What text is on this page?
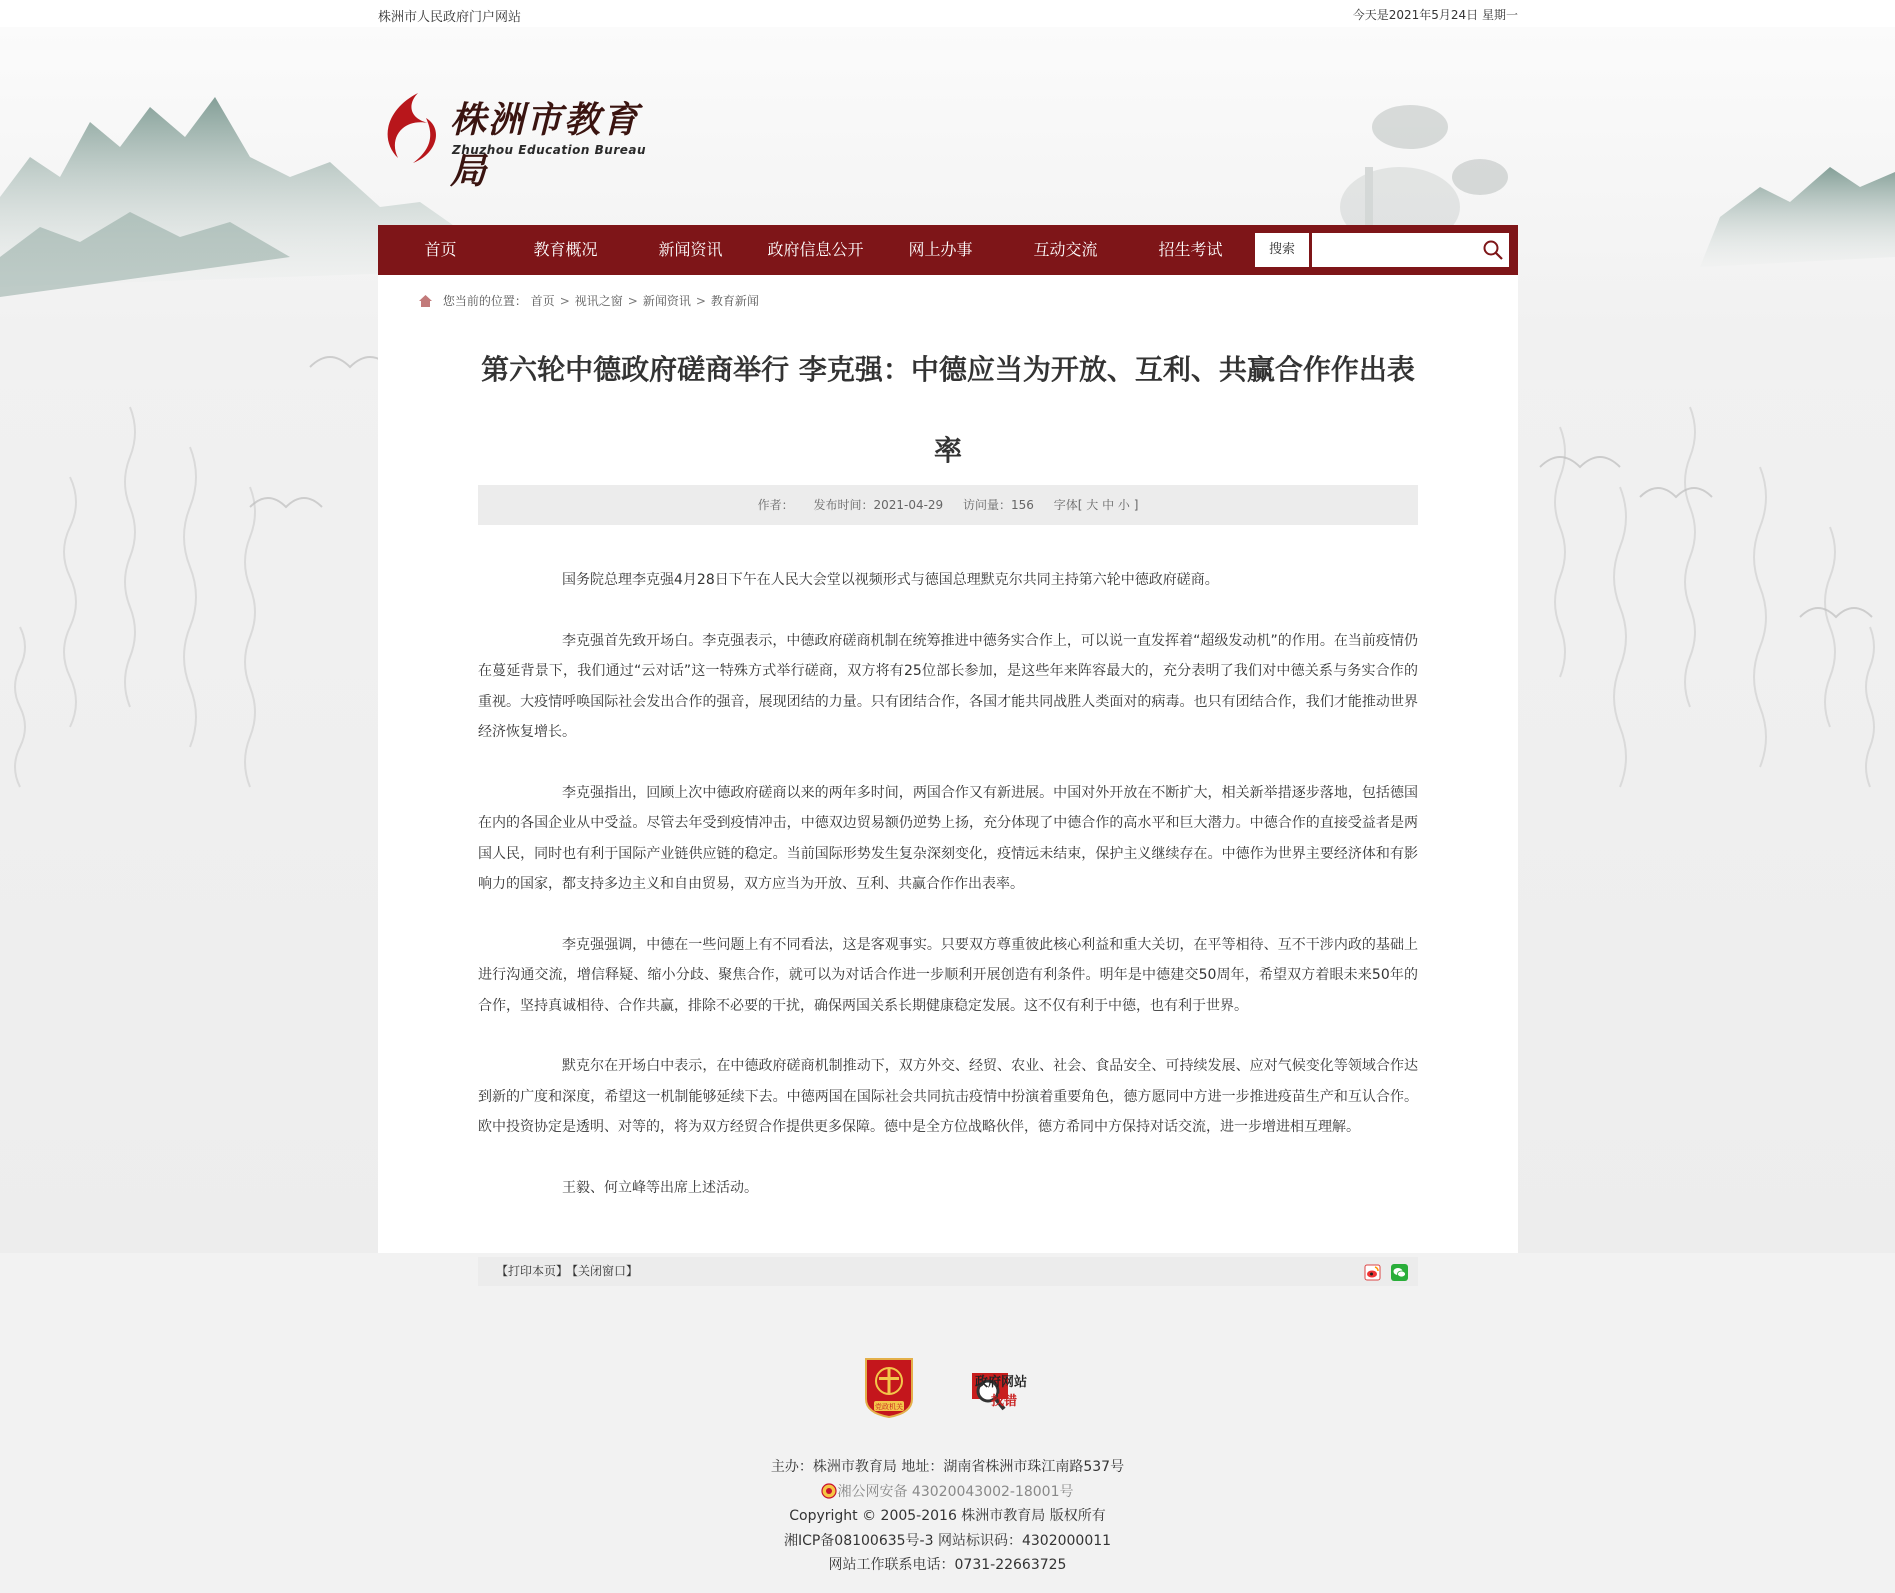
株洲市人民政府门户网站	今天是2021年5月24日 星期一
株洲市教育局
Zhuzhou Education Bureau
首页	教育概况	新闻资讯	政府信息公开	网上办事	互动交流	招生考试	搜索
您当前的位置： 首页 > 视讯之窗 > 新闻资讯 > 教育新闻
第六轮中德政府磋商举行 李克强：中德应当为开放、互利、共赢合作作出表率
作者： 发布时间：2021-04-29 访问量：156 字体[ 大 中 小 ]

国务院总理李克强4月28日下午在人民大会堂以视频形式与德国总理默克尔共同主持第六轮中德政府磋商。

李克强首先致开场白。李克强表示，中德政府磋商机制在统筹推进中德务实合作上，可以说一直发挥着“超级发动机”的作用。在当前疫情仍在蔓延背景下，我们通过“云对话”这一特殊方式举行磋商，双方将有25位部长参加，是这些年来阵容最大的，充分表明了我们对中德关系与务实合作的重视。大疫情呼唤国际社会发出合作的强音，展现团结的力量。只有团结合作，各国才能共同战胜人类面对的病毒。也只有团结合作，我们才能推动世界经济恢复增长。

李克强指出，回顾上次中德政府磋商以来的两年多时间，两国合作又有新进展。中国对外开放在不断扩大，相关新举措逐步落地，包括德国在内的各国企业从中受益。尽管去年受到疫情冲击，中德双边贸易额仍逆势上扬，充分体现了中德合作的高水平和巨大潜力。中德合作的直接受益者是两国人民，同时也有利于国际产业链供应链的稳定。当前国际形势发生复杂深刻变化，疫情远未结束，保护主义继续存在。中德作为世界主要经济体和有影响力的国家，都支持多边主义和自由贸易，双方应当为开放、互利、共赢合作作出表率。

李克强强调，中德在一些问题上有不同看法，这是客观事实。只要双方尊重彼此核心利益和重大关切，在平等相待、互不干涉内政的基础上进行沟通交流，增信释疑、缩小分歧、聚焦合作，就可以为对话合作进一步顺利开展创造有利条件。明年是中德建交50周年，希望双方着眼未来50年的合作，坚持真诚相待、合作共赢，排除不必要的干扰，确保两国关系长期健康稳定发展。这不仅有利于中德，也有利于世界。

默克尔在开场白中表示，在中德政府磋商机制推动下，双方外交、经贸、农业、社会、食品安全、可持续发展、应对气候变化等领域合作达到新的广度和深度，希望这一机制能够延续下去。中德两国在国际社会共同抗击疫情中扮演着重要角色，德方愿同中方进一步推进疫苗生产和互认合作。欧中投资协定是透明、对等的，将为双方经贸合作提供更多保障。德中是全方位战略伙伴，德方希同中方保持对话交流，进一步增进相互理解。

王毅、何立峰等出席上述活动。

【打印本页】 【关闭窗口】

党政机关
政府网站
找错
主办：株洲市教育局 地址：湖南省株洲市珠江南路537号
湘公网安备 43020043002-18001号
Copyright © 2005-2016 株洲市教育局 版权所有
湘ICP备08100635号-3 网站标识码：4302000011
网站工作联系电话：0731-22663725
